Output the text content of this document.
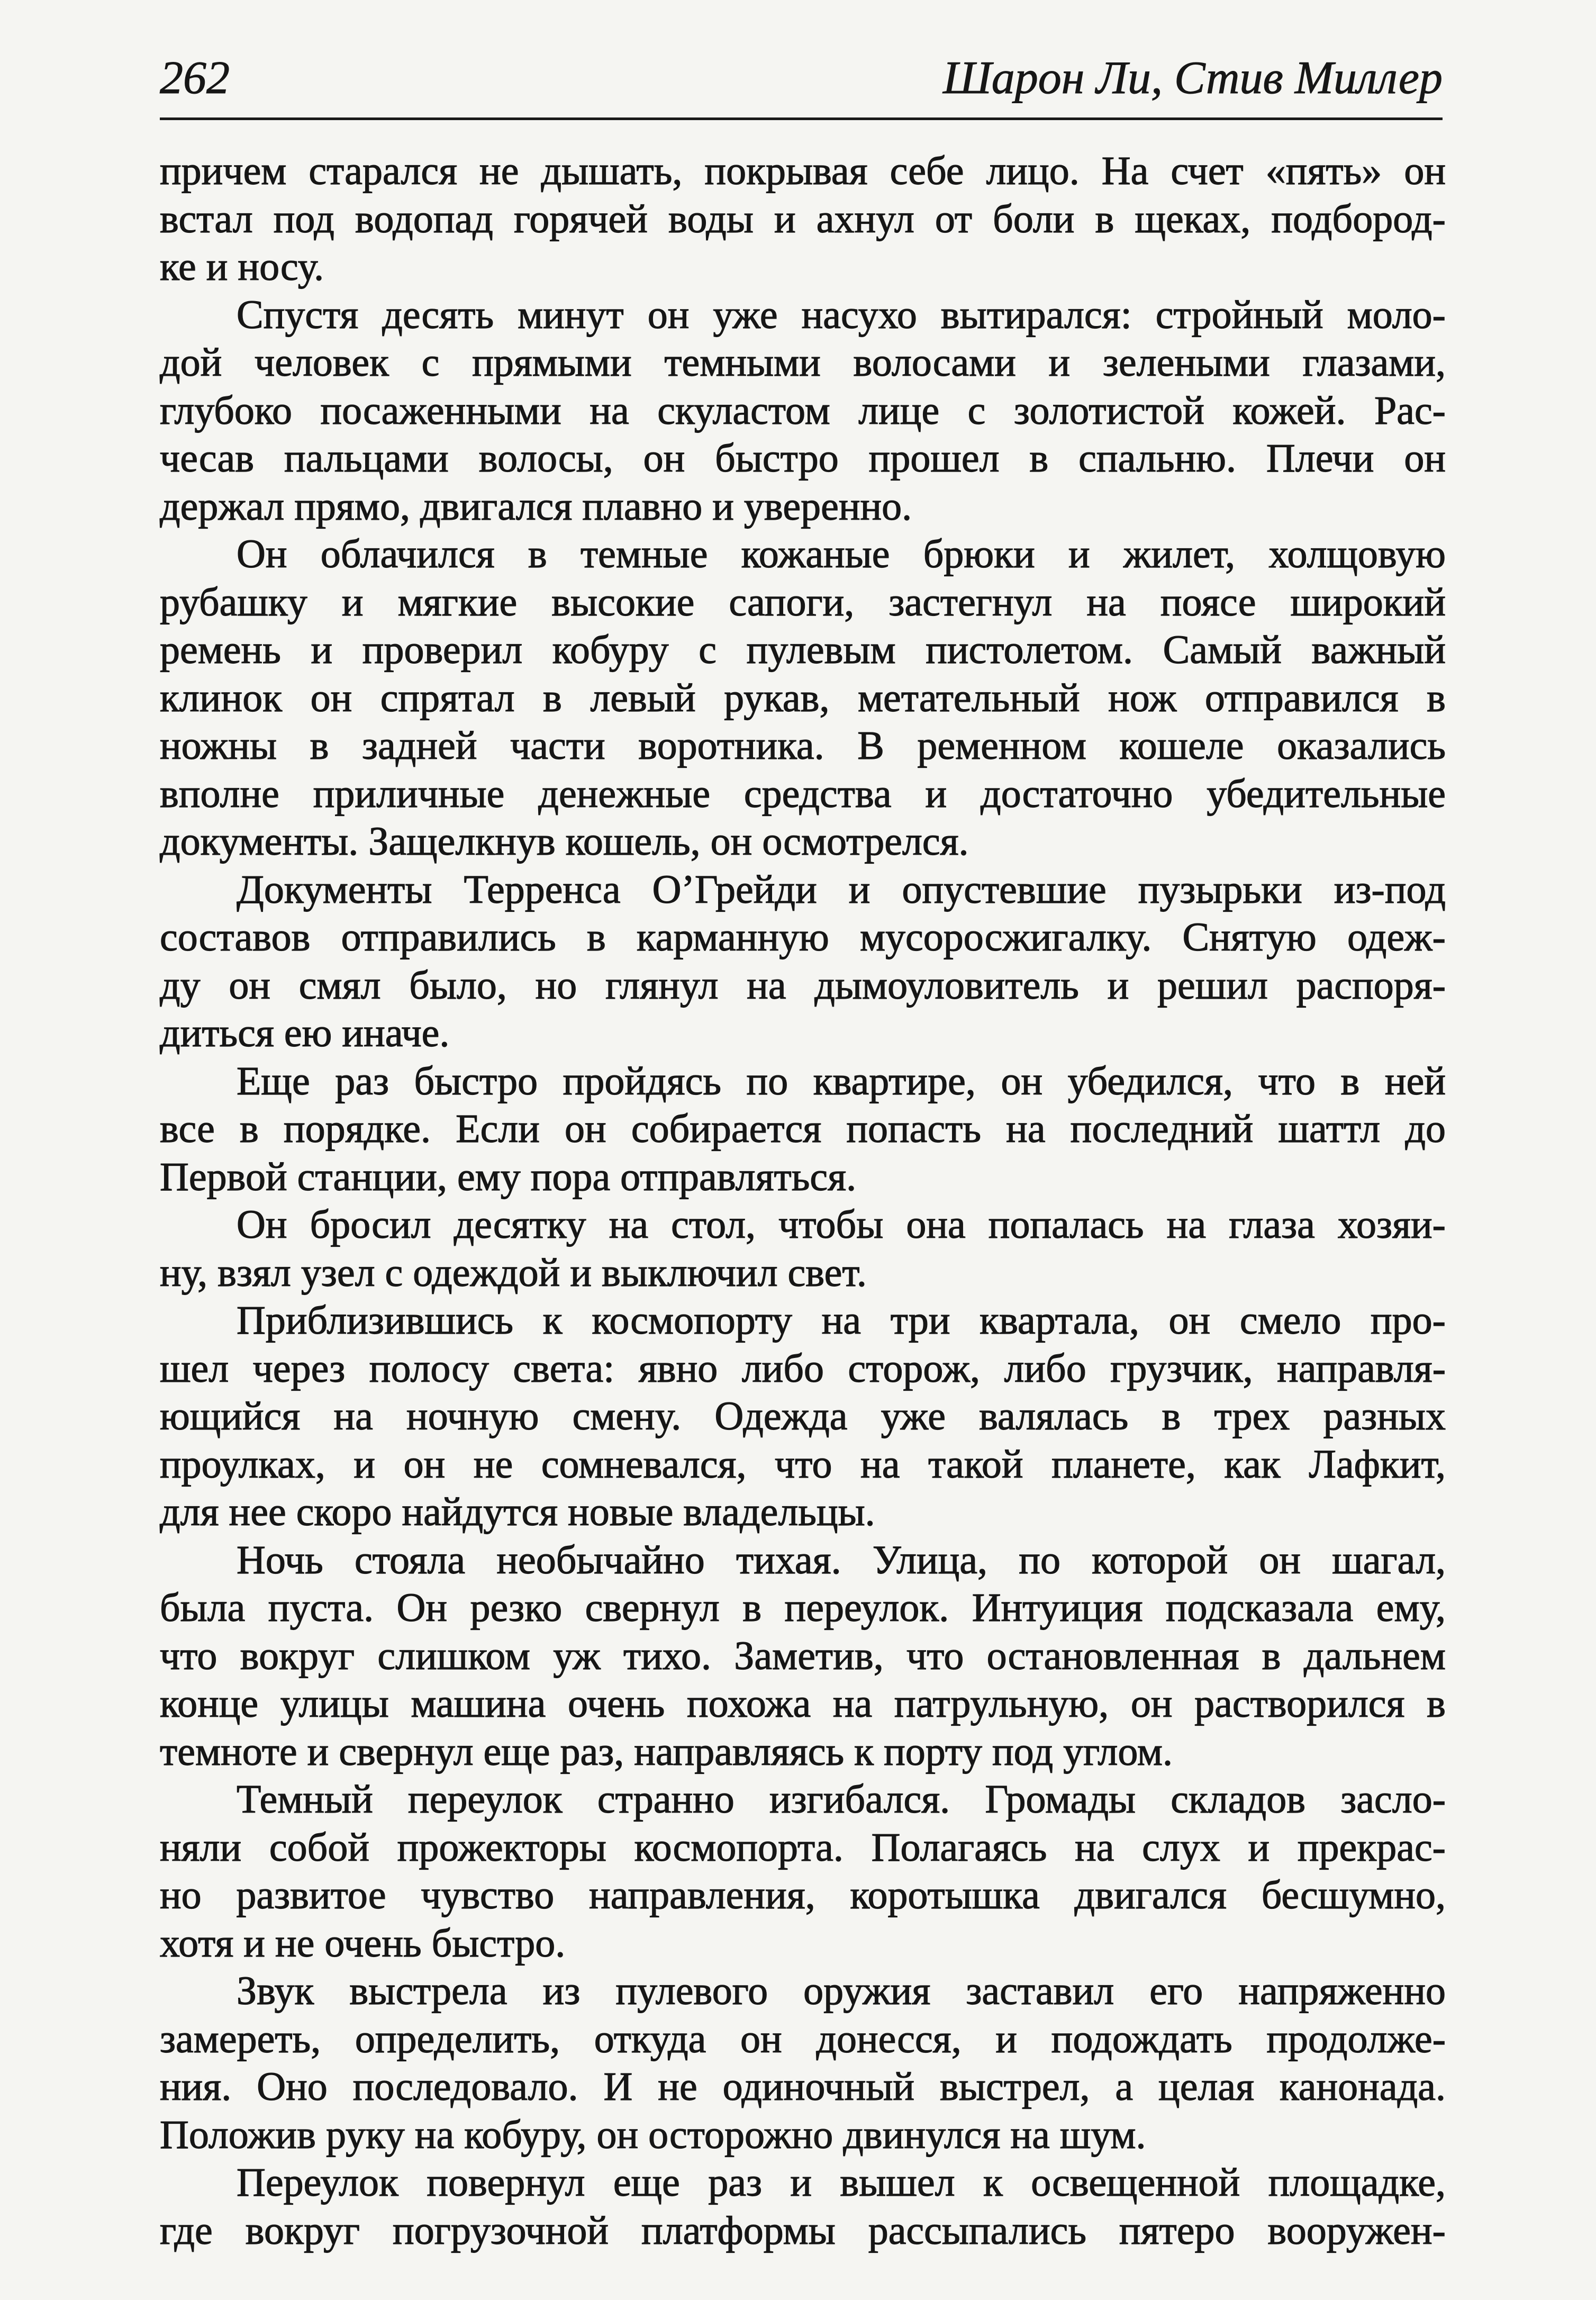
262	Шарон Ли, Стив Миллер
причем старался не дышать, покрывая себе лицо. На счет «пять» он
встал под водопад горячей воды и ахнул от боли в щеках, подбород-
ке и носу.
Спустя десять минут он уже насухо вытирался: стройный моло-
дой человек с прямыми темными волосами и зелеными глазами,
глубоко посаженными на скуластом лице с золотистой кожей. Рас-
чесав пальцами волосы, он быстро прошел в спальню. Плечи он
держал прямо, двигался плавно и уверенно.
Он облачился в темные кожаные брюки и жилет, холщовую
рубашку и мягкие высокие сапоги, застегнул на поясе широкий
ремень и проверил кобуру с пулевым пистолетом. Самый важный
клинок он спрятал в левый рукав, метательный нож отправился в
ножны в задней части воротника. В ременном кошеле оказались
вполне приличные денежные средства и достаточно убедительные
документы. Защелкнув кошель, он осмотрелся.
Документы Терренса О’Грейди и опустевшие пузырьки из-под
составов отправились в карманную мусоросжигалку. Снятую одеж-
ду он смял было, но глянул на дымоуловитель и решил распоря-
диться ею иначе.
Еще раз быстро пройдясь по квартире, он убедился, что в ней
все в порядке. Если он собирается попасть на последний шаттл до
Первой станции, ему пора отправляться.
Он бросил десятку на стол, чтобы она попалась на глаза хозяи-
ну, взял узел с одеждой и выключил свет.
Приблизившись к космопорту на три квартала, он смело про-
шел через полосу света: явно либо сторож, либо грузчик, направля-
ющийся на ночную смену. Одежда уже валялась в трех разных
проулках, и он не сомневался, что на такой планете, как Лафкит,
для нее скоро найдутся новые владельцы.
Ночь стояла необычайно тихая. Улица, по которой он шагал,
была пуста. Он резко свернул в переулок. Интуиция подсказала ему,
что вокруг слишком уж тихо. Заметив, что остановленная в дальнем
конце улицы машина очень похожа на патрульную, он растворился в
темноте и свернул еще раз, направляясь к порту под углом.
Темный переулок странно изгибался. Громады складов засло-
няли собой прожекторы космопорта. Полагаясь на слух и прекрас-
но развитое чувство направления, коротышка двигался бесшумно,
хотя и не очень быстро.
Звук выстрела из пулевого оружия заставил его напряженно
замереть, определить, откуда он донесся, и подождать продолже-
ния. Оно последовало. И не одиночный выстрел, а целая канонада.
Положив руку на кобуру, он осторожно двинулся на шум.
Переулок повернул еще раз и вышел к освещенной площадке,
где вокруг погрузочной платформы рассыпались пятеро вооружен-
